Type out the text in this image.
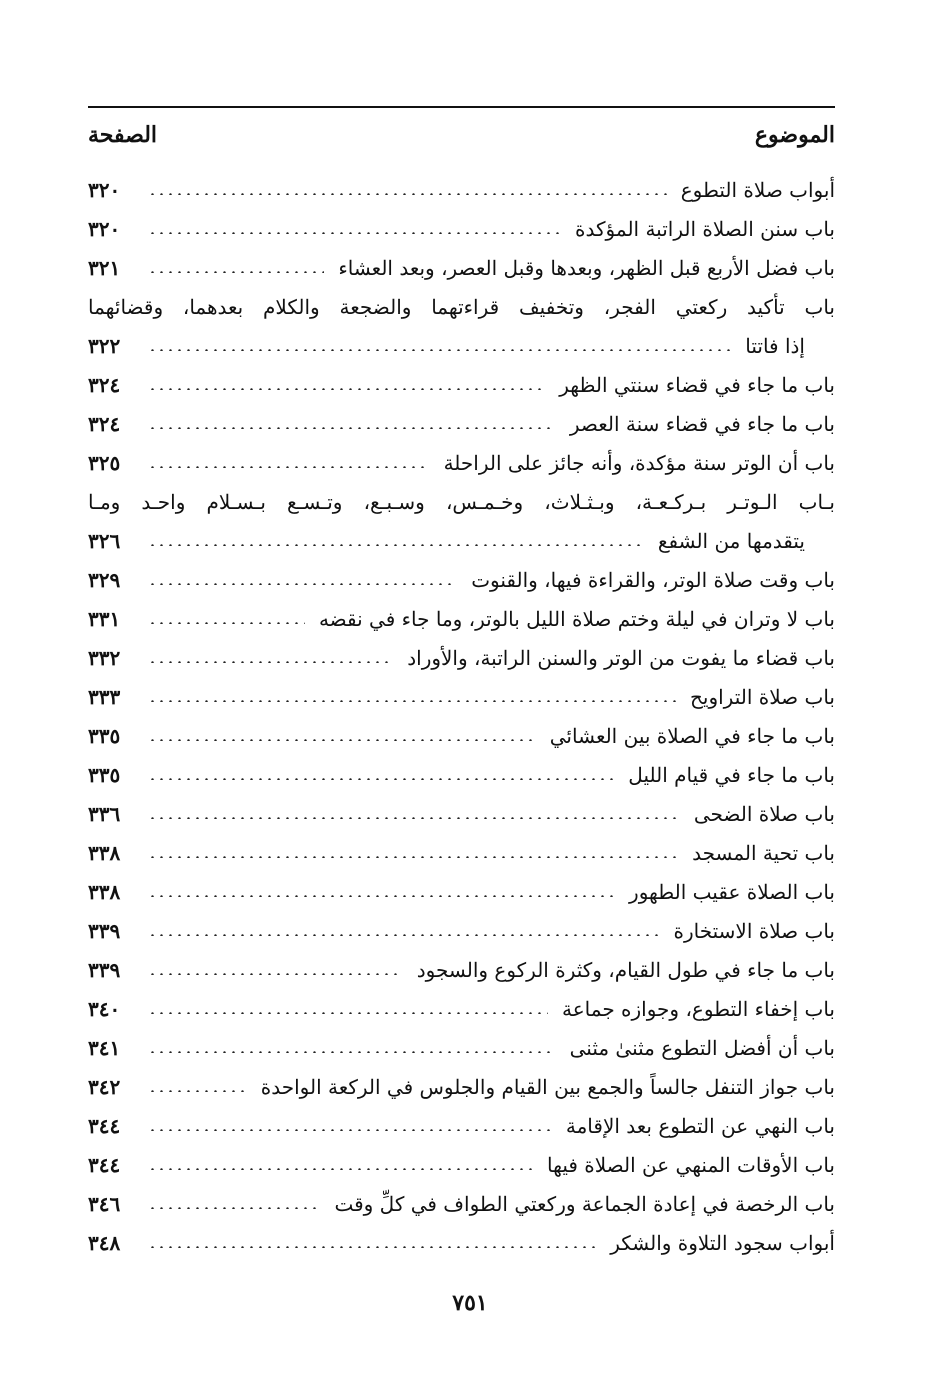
الموضوع
الصفحة
أبواب صلاة التطوع
٣٢٠
باب سنن الصلاة الراتبة المؤكدة
٣٢٠
باب فضل الأربع قبل الظهر، وبعدها وقبل العصر، وبعد العشاء
٣٢١
باب تأكيد ركعتي الفجر، وتخفيف قراءتهما والضجعة والكلام بعدهما، وقضائهما
إذا فاتتا
٣٢٢
باب ما جاء في قضاء سنتي الظهر
٣٢٤
باب ما جاء في قضاء سنة العصر
٣٢٤
باب أن الوتر سنة مؤكدة، وأنه جائز على الراحلة
٣٢٥
بـاب الـوتـر بـركـعـة، وبـثـلاث، وخـمـس، وسـبـع، وتـسـع بـسـلام واحـد ومـا
يتقدمها من الشفع
٣٢٦
باب وقت صلاة الوتر، والقراءة فيها، والقنوت
٣٢٩
باب لا وتران في ليلة وختم صلاة الليل بالوتر، وما جاء في نقضه
٣٣١
باب قضاء ما يفوت من الوتر والسنن الراتبة، والأوراد
٣٣٢
باب صلاة التراويح
٣٣٣
باب ما جاء في الصلاة بين العشائي
٣٣٥
باب ما جاء في قيام الليل
٣٣٥
باب صلاة الضحى
٣٣٦
باب تحية المسجد
٣٣٨
باب الصلاة عقيب الطهور
٣٣٨
باب صلاة الاستخارة
٣٣٩
باب ما جاء في طول القيام، وكثرة الركوع والسجود
٣٣٩
باب إخفاء التطوع، وجوازه جماعة
٣٤٠
باب أن أفضل التطوع مثنىٰ مثنى
٣٤١
باب جواز التنفل جالساً والجمع بين القيام والجلوس في الركعة الواحدة
٣٤٢
باب النهي عن التطوع بعد الإقامة
٣٤٤
باب الأوقات المنهي عن الصلاة فيها
٣٤٤
باب الرخصة في إعادة الجماعة وركعتي الطواف في كلِّ وقت
٣٤٦
أبواب سجود التلاوة والشكر
٣٤٨
٧٥١
